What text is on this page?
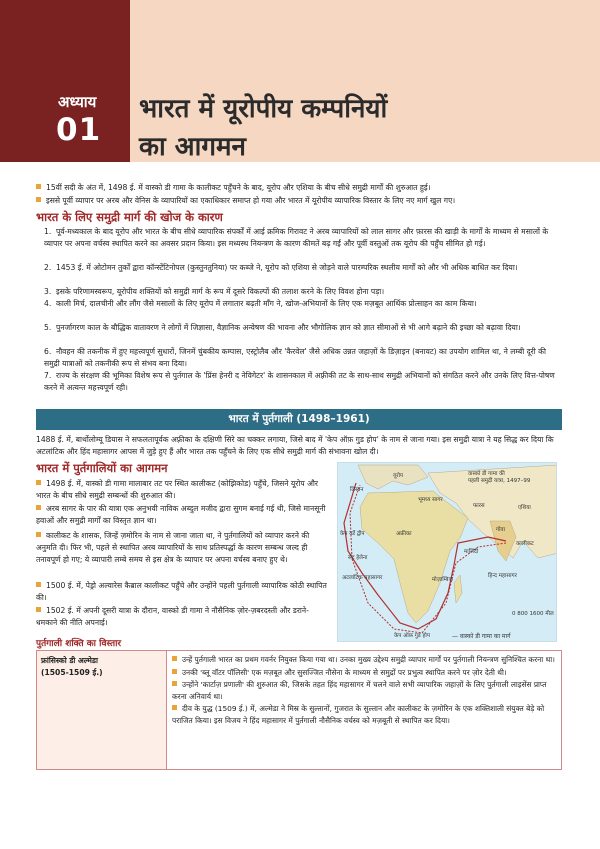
अध्याय
01
भारत में यूरोपीय कम्पनियों
का आगमन
15वीं सदी के अंत में, 1498 ई. में वास्को डी गामा के कालीकट पहुँचने के बाद, यूरोप और एशिया के बीच सीधे समुद्री मार्गों की शुरुआत हुई।
इससे पूर्वी व्यापार पर अरब और वेनिस के व्यापारियों का एकाधिकार समाप्त हो गया और भारत में यूरोपीय व्यापारिक विस्तार के लिए नए मार्ग खुल गए।
भारत के लिए समुद्री मार्ग की खोज के कारण
1. पूर्व-मध्यकाल के बाद यूरोप और भारत के बीच सीधे व्यापारिक संपर्कों में आई क्रमिक गिरावट ने अरब व्यापारियों को लाल सागर और फ़ारस की खाड़ी के मार्गों के माध्यम से मसालों के व्यापार पर अपना वर्चस्व स्थापित करने का अवसर प्रदान किया। इस मध्यस्थ नियन्त्रण के कारण कीमतें बढ़ गईं और पूर्वी वस्तुओं तक यूरोप की पहुँच सीमित हो गई।
2. 1453 ई. में ओटोमन तुर्कों द्वारा कॉन्स्टेंटिनोपल (कुस्तुनतुनिया) पर कब्जे ने, यूरोप को एशिया से जोड़ने वाले पारम्परिक स्थलीय मार्गों को और भी अधिक बाधित कर दिया।
3. इसके परिणामस्वरूप, यूरोपीय शक्तियों को समुद्री मार्ग के रूप में दूसरे विकल्पों की तलाश करने के लिए विवश होना पड़ा।
4. काली मिर्च, दालचीनी और लौंग जैसे मसालों के लिए यूरोप में लगातार बढ़ती माँग ने, खोज-अभियानों के लिए एक मज़बूत आर्थिक प्रोत्साहन का काम किया।
5. पुनर्जागरण काल के बौद्धिक वातावरण ने लोगों में जिज्ञासा, वैज्ञानिक अन्वेषण की भावना और भौगोलिक ज्ञान को ज्ञात सीमाओं से भी आगे बढ़ाने की इच्छा को बढ़ावा दिया।
6. नौवहन की तकनीक में हुए महत्त्वपूर्ण सुधारों, जिनमें चुंबकीय कम्पास, एस्ट्रोलैब और 'कैरवेल' जैसे अधिक उन्नत जहाज़ों के डिज़ाइन (बनावट) का उपयोग शामिल था, ने लम्बी दूरी की समुद्री यात्राओं को तकनीकी रूप से संभव बना दिया।
7. राज्य के संरक्षण की भूमिका विशेष रूप से पुर्तगाल के 'प्रिंस हेनरी द नेविगेटर' के शासनकाल में अफ़्रीकी तट के साथ-साथ समुद्री अभियानों को संगठित करने और उनके लिए वित्त-पोषण करने में अत्यन्त महत्त्वपूर्ण रही।
भारत में पुर्तगाली (1498–1961)
1488 ई. में, बार्थोलोम्यू डियास ने सफलतापूर्वक अफ़्रीका के दक्षिणी सिरे का चक्कर लगाया, जिसे बाद में 'केप ऑफ़ गुड होप' के नाम से जाना गया। इस समुद्री यात्रा ने यह सिद्ध कर दिया कि अटलांटिक और हिंद महासागर आपस में जुड़े हुए हैं और भारत तक पहुँचने के लिए एक सीधे समुद्री मार्ग की संभावना खोल दी।
भारत में पुर्तगालियों का आगमन
1498 ई. में, वास्को डी गामा मालाबार तट पर स्थित कालीकट (कोझिकोड) पहुँचे, जिसने यूरोप और भारत के बीच सीधे समुद्री सम्बन्धों की शुरुआत की।
अरब सागर के पार की यात्रा एक अनुभवी नाविक अब्दुल मजीद द्वारा सुगम बनाई गई थी, जिसे मानसूनी हवाओं और समुद्री मार्गों का विस्तृत ज्ञान था।
कालीकट के शासक, जिन्हें ज़मोरिन के नाम से जाना जाता था, ने पुर्तगालियों को व्यापार करने की अनुमति दी। फिर भी, पहले से स्थापित अरब व्यापारियों के साथ प्रतिस्पर्द्धा के कारण सम्बन्ध जल्द ही तनावपूर्ण हो गए; ये व्यापारी लम्बे समय से इस क्षेत्र के व्यापार पर अपना वर्चस्व बनाए हुए थे।
1500 ई. में, पेड्रो अल्वारेस कैब्राल कालीकट पहुँचे और उन्होंने पहली पुर्तगाली व्यापारिक कोठी स्थापित की।
1502 ई. में अपनी दूसरी यात्रा के दौरान, वास्को डी गामा ने नौसैनिक ज़ोर-ज़बरदस्ती और डराने-धमकाने की नीति अपनाई।
वास्को डी गामा की
पहली समुद्री यात्रा, 1497–99
लिस्बन
यूरोप
भूमध्य सागर
फारस	एशिया
अफ्रीका
केप वर्डे द्वीप
मालिंदी
मोज़ाम्बिक
कालीकट
गोवा
अटलांटिक महासागर	हिन्द महासागर
सेंट हेलेना
केप ऑफ़ गुड होप
0 800 1600 मील
— वास्को डी गामा का मार्ग
पुर्तगाली शक्ति का विस्तार
फ्रांसिस्को डी अल्मेडा
(1505-1509 ई.)
उन्हें पुर्तगाली भारत का प्रथम गवर्नर नियुक्त किया गया था। उनका मुख्य उद्देश्य समुद्री व्यापार मार्गों पर पुर्तगाली नियन्त्रण सुनिश्चित करना था।
उनकी 'ब्लू वॉटर पॉलिसी' एक मज़बूत और सुसज्जित नौसेना के माध्यम से समुद्रों पर प्रभुत्व स्थापित करने पर ज़ोर देती थी।
उन्होंने 'कार्टाज़ प्रणाली' की शुरुआत की, जिसके तहत हिंद महासागर में चलने वाले सभी व्यापारिक जहाज़ों के लिए पुर्तगाली लाइसेंस प्राप्त करना अनिवार्य था।
दीव के युद्ध (1509 ई.) में, अल्मेडा ने मिस्र के सुल्तानों, गुजरात के सुल्तान और कालीकट के ज़मोरिन के एक शक्तिशाली संयुक्त बेड़े को पराजित किया। इस विजय ने हिंद महासागर में पुर्तगाली नौसैनिक वर्चस्व को मज़बूती से स्थापित कर दिया।
